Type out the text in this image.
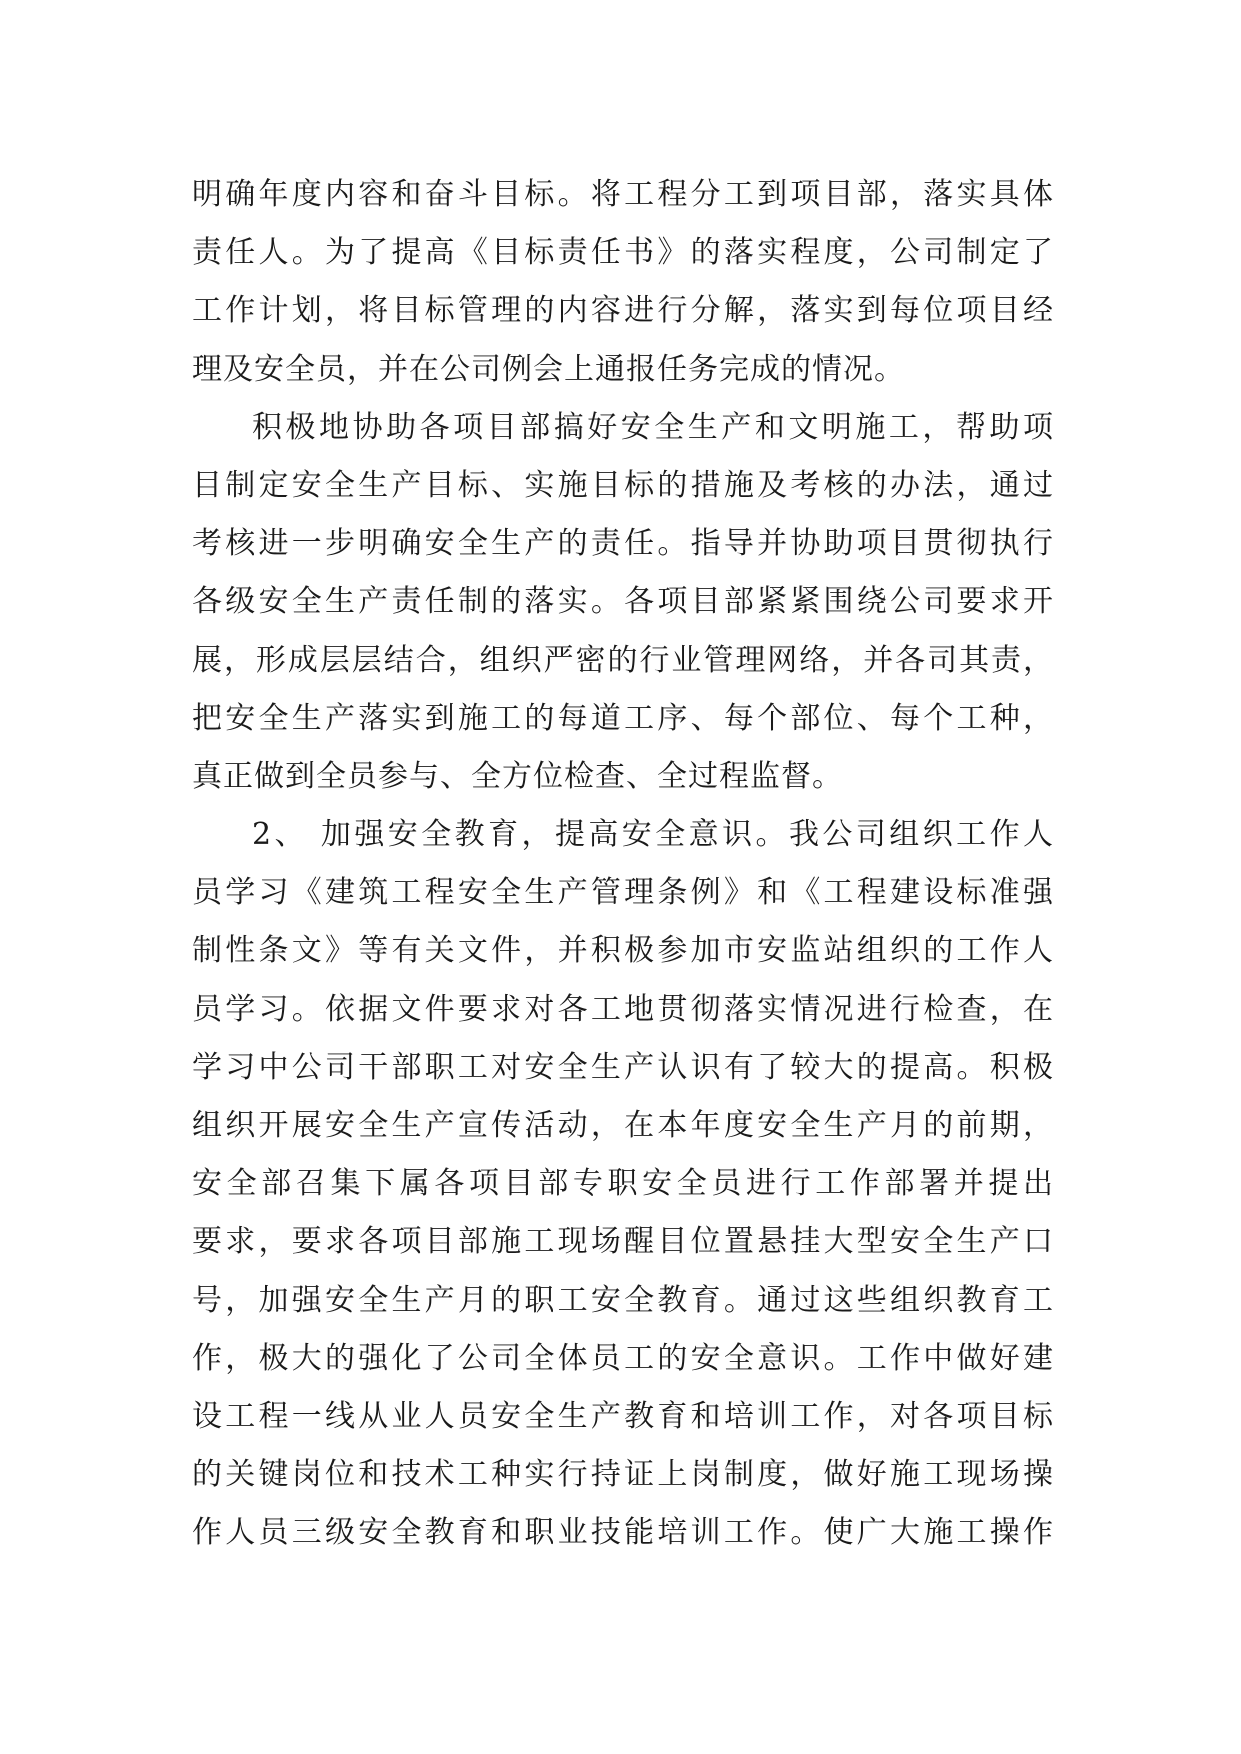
明确年度内容和奋斗目标。将工程分工到项目部，落实具体
责任人。为了提高《目标责任书》的落实程度，公司制定了
工作计划，将目标管理的内容进行分解，落实到每位项目经
理及安全员，并在公司例会上通报任务完成的情况。
积极地协助各项目部搞好安全生产和文明施工，帮助项
目制定安全生产目标、实施目标的措施及考核的办法，通过
考核进一步明确安全生产的责任。指导并协助项目贯彻执行
各级安全生产责任制的落实。各项目部紧紧围绕公司要求开
展，形成层层结合，组织严密的行业管理网络，并各司其责，
把安全生产落实到施工的每道工序、每个部位、每个工种，
真正做到全员参与、全方位检查、全过程监督。
2、 加强安全教育，提高安全意识。我公司组织工作人
员学习《建筑工程安全生产管理条例》和《工程建设标准强
制性条文》等有关文件，并积极参加市安监站组织的工作人
员学习。依据文件要求对各工地贯彻落实情况进行检查，在
学习中公司干部职工对安全生产认识有了较大的提高。积极
组织开展安全生产宣传活动，在本年度安全生产月的前期，
安全部召集下属各项目部专职安全员进行工作部署并提出
要求，要求各项目部施工现场醒目位置悬挂大型安全生产口
号，加强安全生产月的职工安全教育。通过这些组织教育工
作，极大的强化了公司全体员工的安全意识。工作中做好建
设工程一线从业人员安全生产教育和培训工作，对各项目标
的关键岗位和技术工种实行持证上岗制度，做好施工现场操
作人员三级安全教育和职业技能培训工作。使广大施工操作
